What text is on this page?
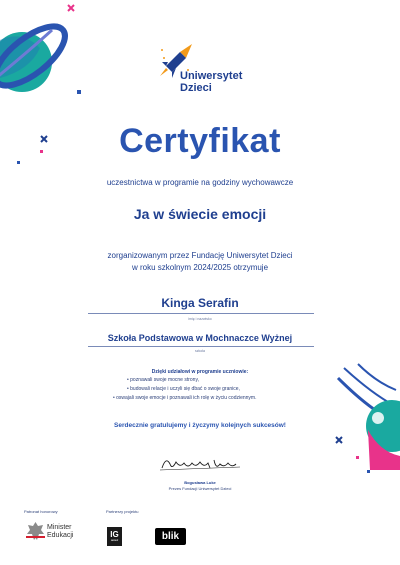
Uniwersytet
Dzieci
Certyfikat
uczestnictwa w programie na godziny wychowawcze
Ja w świecie emocji
zorganizowanym przez Fundację Uniwersytet Dzieci
w roku szkolnym 2024/2025 otrzymuje
Kinga Serafin
imię i nazwisko
Szkoła Podstawowa w Mochnaczce Wyżnej
szkoła
Dzięki udziałowi w programie uczniowie:
• poznawali swoje mocne strony,
• budowali relacje i uczyli się dbać o swoje granice,
• oswajali swoje emocje i poznawali ich rolę w życiu codziennym.
Serdecznie gratulujemy i życzymy kolejnych sukcesów!
Bogusława Luke
Prezes Fundacji Uniwersytet Dzieci
Patronat honorowy	Partnerzy projektu
Minister
Edukacji	IG
GROUP	blik
